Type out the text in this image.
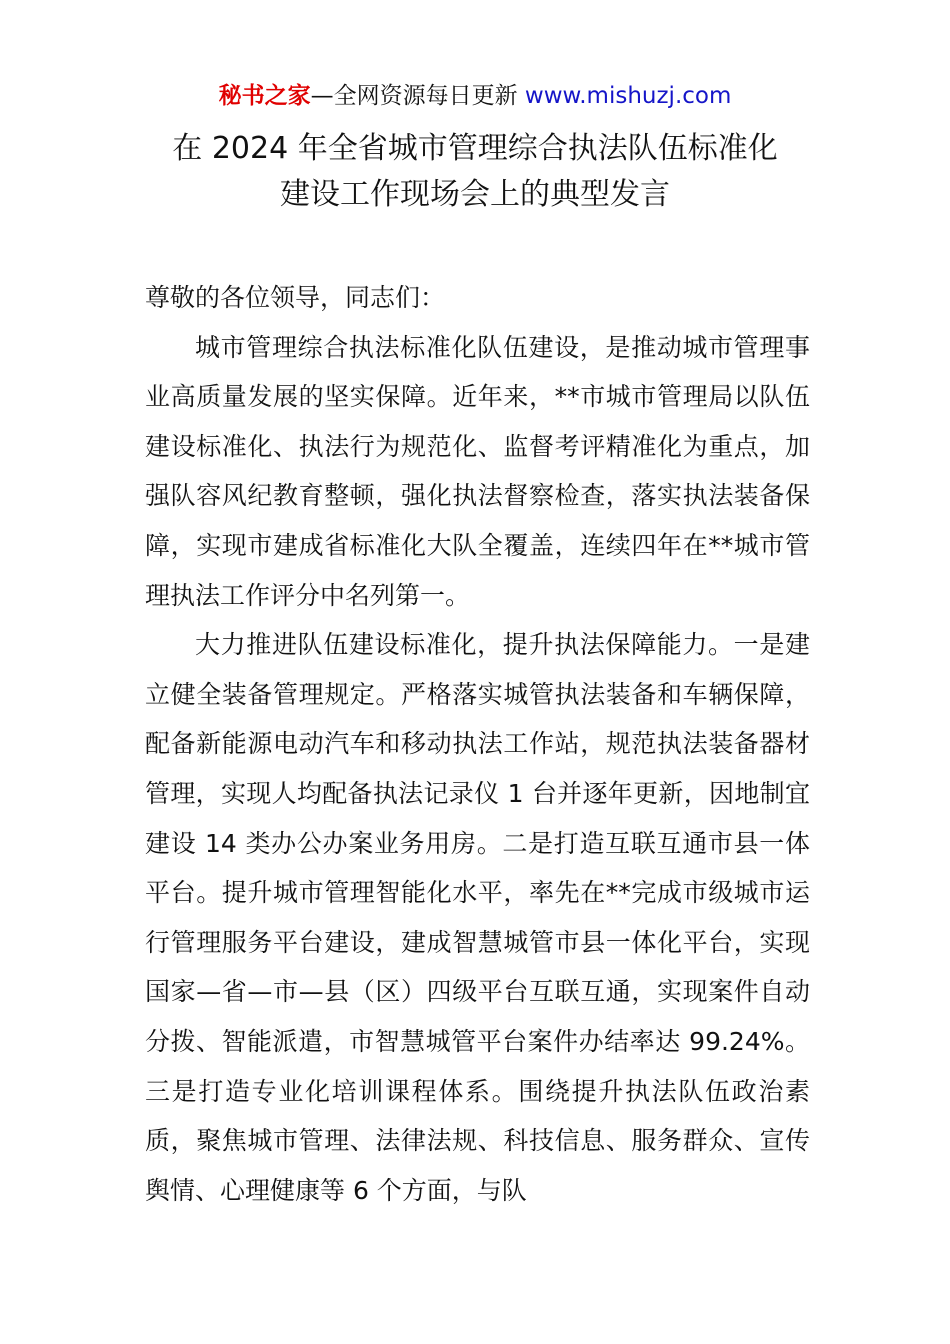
秘书之家—全网资源每日更新 www.mishuzj.com
在 2024 年全省城市管理综合执法队伍标准化
建设工作现场会上的典型发言

尊敬的各位领导，同志们：

城市管理综合执法标准化队伍建设，是推动城市管理事业高质量发展的坚实保障。近年来，**市城市管理局以队伍建设标准化、执法行为规范化、监督考评精准化为重点，加强队容风纪教育整顿，强化执法督察检查，落实执法装备保障，实现市建成省标准化大队全覆盖，连续四年在**城市管理执法工作评分中名列第一。

大力推进队伍建设标准化，提升执法保障能力。一是建立健全装备管理规定。严格落实城管执法装备和车辆保障，配备新能源电动汽车和移动执法工作站，规范执法装备器材管理，实现人均配备执法记录仪 1 台并逐年更新，因地制宜建设 14 类办公办案业务用房。二是打造互联互通市县一体平台。提升城市管理智能化水平，率先在**完成市级城市运行管理服务平台建设，建成智慧城管市县一体化平台，实现国家—省—市—县（区）四级平台互联互通，实现案件自动分拨、智能派遣，市智慧城管平台案件办结率达 99.24%。三是打造专业化培训课程体系。围绕提升执法队伍政治素质，聚焦城市管理、法律法规、科技信息、服务群众、宣传舆情、心理健康等 6 个方面，与队
